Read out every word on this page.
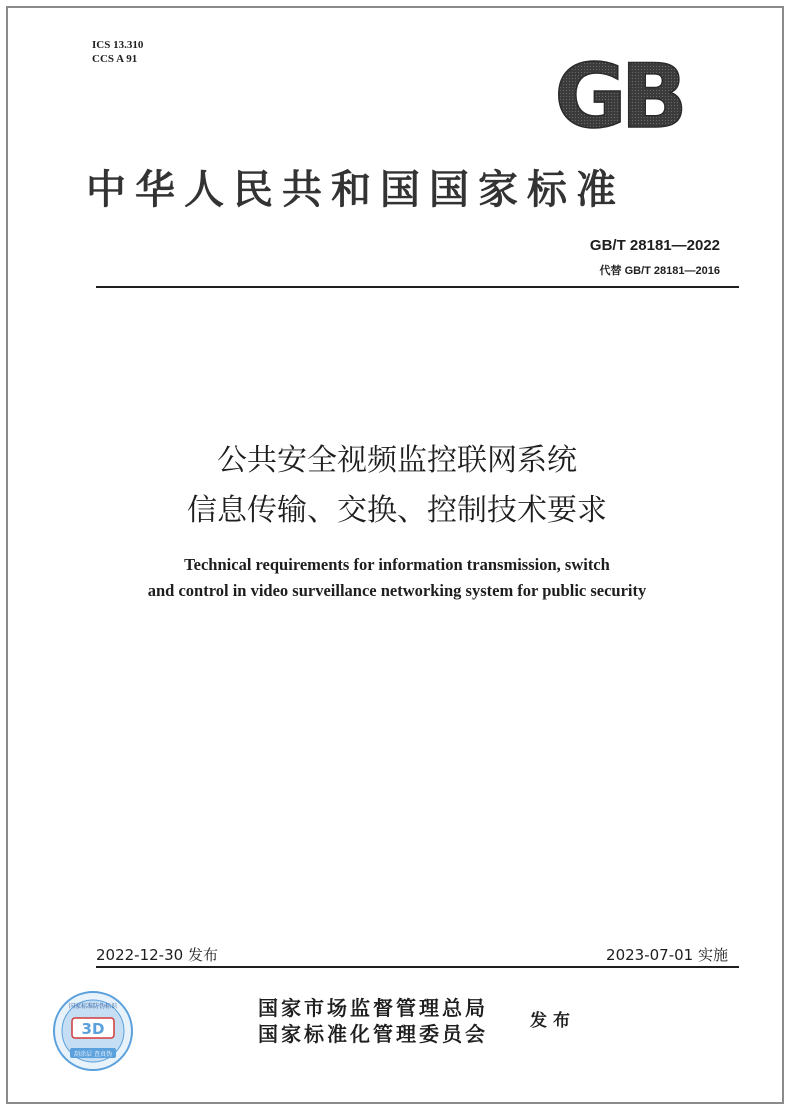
ICS 13.310
CCS A 91	GB
中华人民共和国国家标准
GB/T 28181—2022
代替 GB/T 28181—2016
公共安全视频监控联网系统
信息传输、交换、控制技术要求
Technical requirements for information transmission, switch
and control in video surveillance networking system for public security
2022-12-30 发布	2023-07-01 实施
3D
刮涂层 查真伪
国家标准防伪标识	国家市场监督管理总局
国家标准化管理委员会
发布
